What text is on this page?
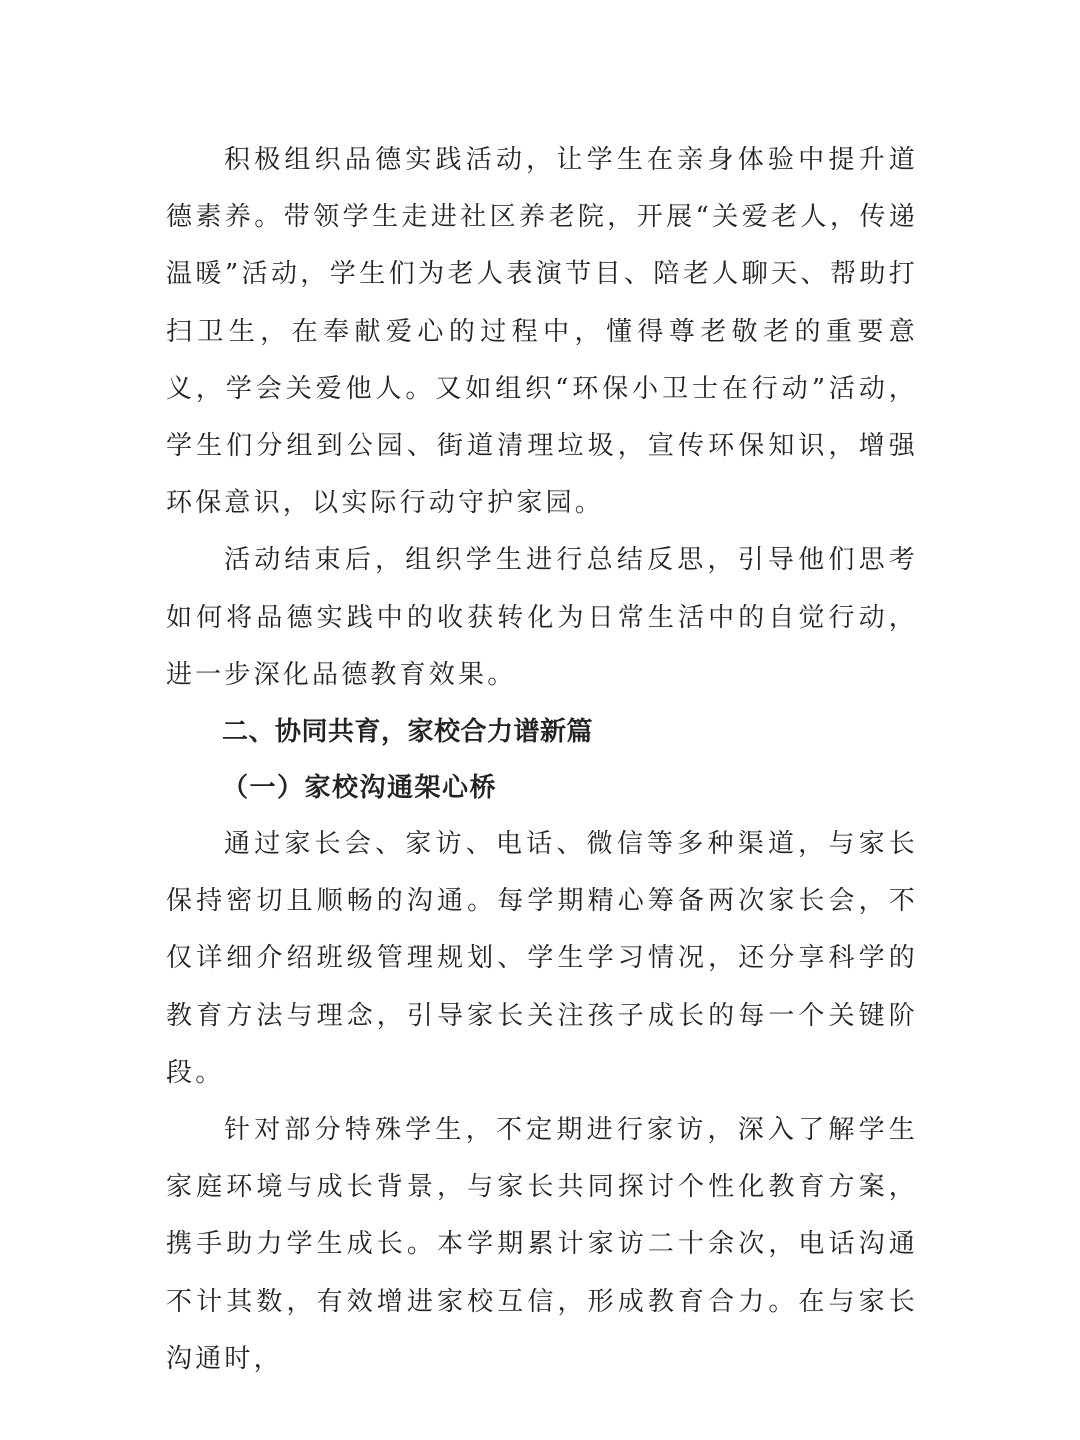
积极组织品德实践活动，让学生在亲身体验中提升道德素养。带领学生走进社区养老院，开展“关爱老人，传递温暖”活动，学生们为老人表演节目、陪老人聊天、帮助打扫卫生，在奉献爱心的过程中，懂得尊老敬老的重要意义，学会关爱他人。又如组织“环保小卫士在行动”活动，学生们分组到公园、街道清理垃圾，宣传环保知识，增强环保意识，以实际行动守护家园。

活动结束后，组织学生进行总结反思，引导他们思考如何将品德实践中的收获转化为日常生活中的自觉行动，进一步深化品德教育效果。

二、协同共育，家校合力谱新篇
（一）家校沟通架心桥

通过家长会、家访、电话、微信等多种渠道，与家长保持密切且顺畅的沟通。每学期精心筹备两次家长会，不仅详细介绍班级管理规划、学生学习情况，还分享科学的教育方法与理念，引导家长关注孩子成长的每一个关键阶段。

针对部分特殊学生，不定期进行家访，深入了解学生家庭环境与成长背景，与家长共同探讨个性化教育方案，携手助力学生成长。本学期累计家访二十余次，电话沟通不计其数，有效增进家校互信，形成教育合力。在与家长沟通时，
